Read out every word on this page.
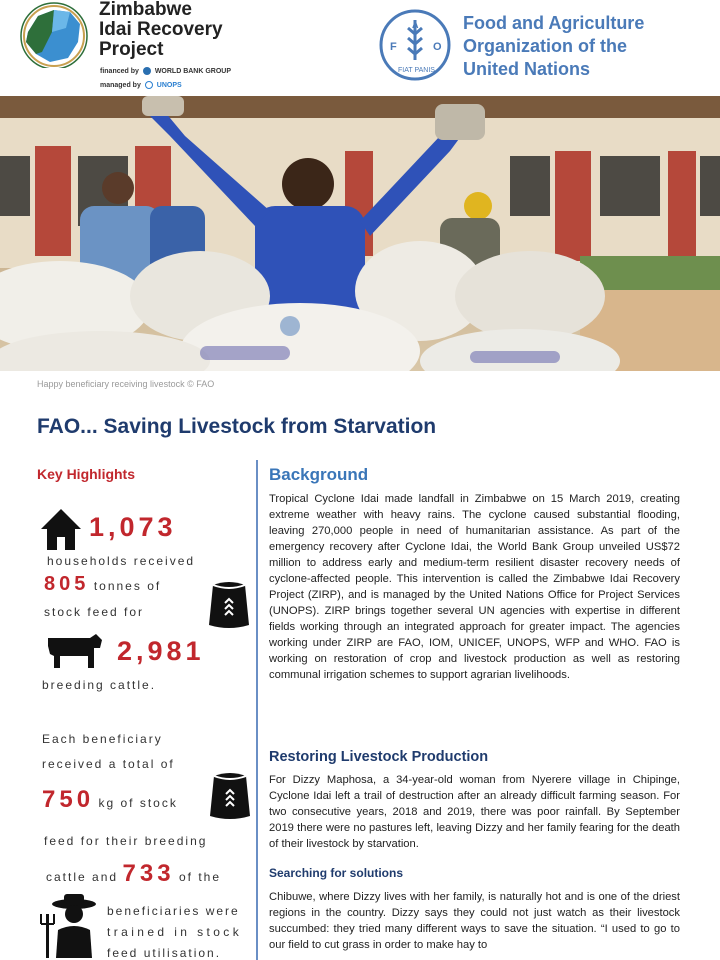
Zimbabwe
Idai Recovery
Project
financed by WORLD BANK GROUP
managed by UNOPS
F	O
A
FIAT PANIS
Food and Agriculture
Organization of the
United Nations
Happy beneficiary receiving livestock © FAO
FAO... Saving Livestock from Starvation
Key Highlights
1,073
households received
805 tonnes of
stock feed for
2,981
breeding cattle.
Each beneficiary
received a total of
750 kg of stock
feed for their breeding
cattle and 733 of the
beneficiaries were
trained in stock
feed utilisation.
Background

Tropical Cyclone Idai made landfall in Zimbabwe on 15 March 2019, creating extreme weather with heavy rains. The cyclone caused substantial flooding, leaving 270,000 people in need of humanitarian assistance. As part of the emergency recovery after Cyclone Idai, the World Bank Group unveiled US$72 million to address early and medium-term resilient disaster recovery needs of cyclone-affected people. This intervention is called the Zimbabwe Idai Recovery Project (ZIRP), and is managed by the United Nations Office for Project Services (UNOPS). ZIRP brings together several UN agencies with expertise in different fields working through an integrated approach for greater impact. The agencies working under ZIRP are FAO, IOM, UNICEF, UNOPS, WFP and WHO. FAO is working on restoration of crop and livestock production as well as restoring communal irrigation schemes to support agrarian livelihoods.

Restoring Livestock Production

For Dizzy Maphosa, a 34-year-old woman from Nyerere village in Chipinge, Cyclone Idai left a trail of destruction after an already difficult farming season. For two consecutive years, 2018 and 2019, there was poor rainfall. By September 2019 there were no pastures left, leaving Dizzy and her family fearing for the death of their livestock by starvation.

Searching for solutions

Chibuwe, where Dizzy lives with her family, is naturally hot and is one of the driest regions in the country. Dizzy says they could not just watch as their livestock succumbed: they tried many different ways to save the situation. “I used to go to our field to cut grass in order to make hay to
